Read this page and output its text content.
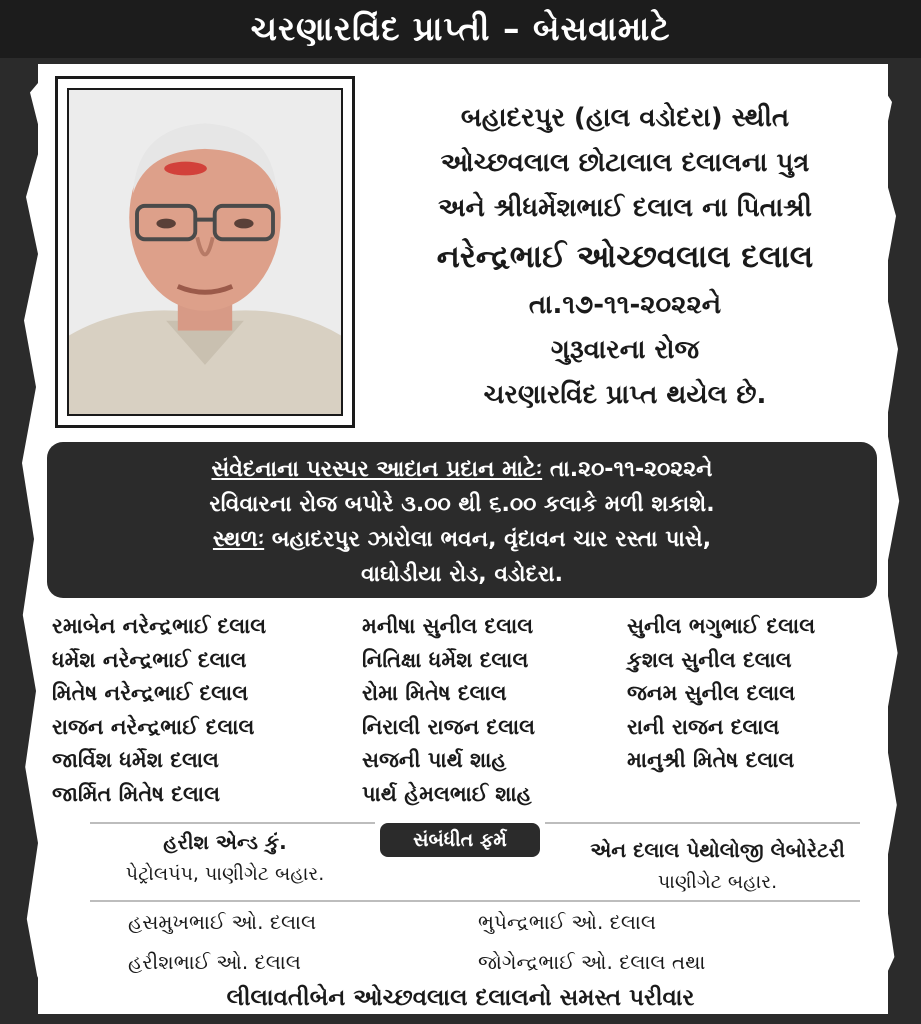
ચરણારવિંદ પ્રાપ્તી – બેસવામાટે
બહાદરપુર (હાલ વડોદરા) સ્થીત
ઓચ્છવલાલ છોટાલાલ દલાલના પુત્ર
અને શ્રીધર્મેશભાઈ દલાલ ના પિતાશ્રી
નરેન્દ્રભાઈ ઓચ્છવલાલ દલાલ
તા.૧૭-૧૧-૨૦૨૨ને
ગુરૂવારના રોજ
ચરણારવિંદ પ્રાપ્ત થયેલ છે.
સંવેદનાના પરસ્પર આદાન પ્રદાન માટેઃ તા.૨૦-૧૧-૨૦૨૨ને
રવિવારના રોજ બપોરે ૩.૦૦ થી ૬.૦૦ કલાકે મળી શકાશે.
સ્થળઃ બહાદરપુર ઝારોલા ભવન, વૃંદાવન ચાર રસ્તા પાસે,
વાઘોડીયા રોડ, વડોદરા.
રમાબેન નરેન્દ્રભાઈ દલાલ
ધર્મેશ નરેન્દ્રભાઈ દલાલ
મિતેષ નરેન્દ્રભાઈ દલાલ
રાજન નરેન્દ્રભાઈ દલાલ
જાર્વિશ ધર્મેશ દલાલ
જાર્મિત મિતેષ દલાલ
મનીષા સુનીલ દલાલ
નિતિક્ષા ધર્મેશ દલાલ
રોમા મિતેષ દલાલ
નિરાલી રાજન દલાલ
સજની પાર્થ શાહ
પાર્થ હેમલભાઈ શાહ
સુનીલ ભગુભાઈ દલાલ
કુશલ સુનીલ દલાલ
જનમ સુનીલ દલાલ
રાની રાજન દલાલ
માનુશ્રી મિતેષ દલાલ
સંબંધીત ફર્મ
હરીશ એન્ડ કું.
પેટ્રોલપંપ, પાણીગેટ બહાર.
એન દલાલ પેથોલોજી લેબોરેટરી
પાણીગેટ બહાર.
હસમુખભાઈ ઓ. દલાલ	ભુપેન્દ્રભાઈ ઓ. દલાલ
હરીશભાઈ ઓ. દલાલ	જોગેન્દ્રભાઈ ઓ. દલાલ તથા
લીલાવતીબેન ઓચ્છવલાલ દલાલનો સમસ્ત પરીવાર
